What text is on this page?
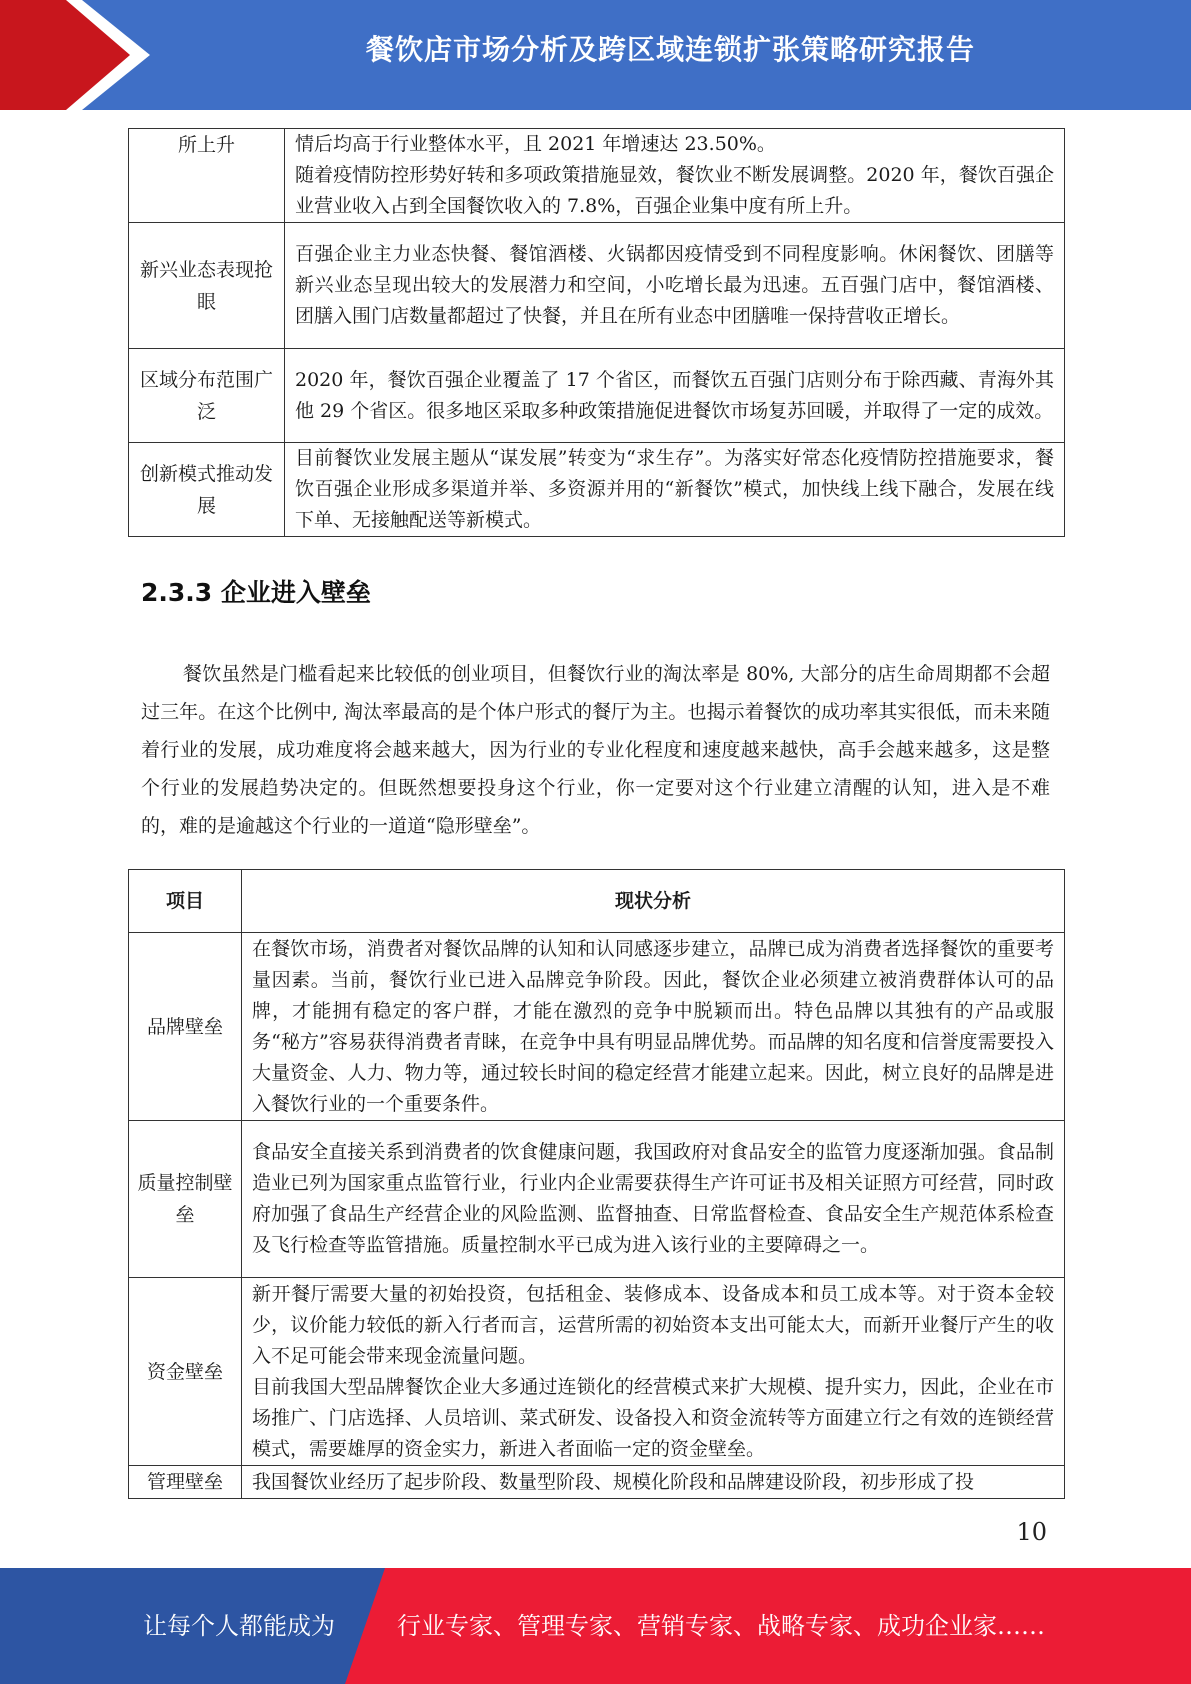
餐饮店市场分析及跨区域连锁扩张策略研究报告
所上升	情后均高于行业整体水平，且 2021 年增速达 23.50%。

随着疫情防控形势好转和多项政策措施显效，餐饮业不断发展调整。2020 年，餐饮百强企业营业收入占到全国餐饮收入的 7.8%，百强企业集中度有所上升。

新兴业态表现抢眼	百强企业主力业态快餐、餐馆酒楼、火锅都因疫情受到不同程度影响。休闲餐饮、团膳等新兴业态呈现出较大的发展潜力和空间，小吃增长最为迅速。五百强门店中，餐馆酒楼、团膳入围门店数量都超过了快餐，并且在所有业态中团膳唯一保持营收正增长。

区域分布范围广泛	2020 年，餐饮百强企业覆盖了 17 个省区，而餐饮五百强门店则分布于除西藏、青海外其他 29 个省区。很多地区采取多种政策措施促进餐饮市场复苏回暖，并取得了一定的成效。

创新模式推动发展	目前餐饮业发展主题从“谋发展”转变为“求生存”。为落实好常态化疫情防控措施要求，餐饮百强企业形成多渠道并举、多资源并用的“新餐饮”模式，加快线上线下融合，发展在线下单、无接触配送等新模式。

2.3.3 企业进入壁垒

餐饮虽然是门槛看起来比较低的创业项目，但餐饮行业的淘汰率是 80%, 大部分的店生命周期都不会超过三年。在这个比例中, 淘汰率最高的是个体户形式的餐厅为主。也揭示着餐饮的成功率其实很低，而未来随着行业的发展，成功难度将会越来越大，因为行业的专业化程度和速度越来越快，高手会越来越多，这是整个行业的发展趋势决定的。但既然想要投身这个行业，你一定要对这个行业建立清醒的认知，进入是不难的，难的是逾越这个行业的一道道“隐形壁垒”。

项目	现状分析
品牌壁垒	在餐饮市场，消费者对餐饮品牌的认知和认同感逐步建立，品牌已成为消费者选择餐饮的重要考量因素。当前，餐饮行业已进入品牌竞争阶段。因此，餐饮企业必须建立被消费群体认可的品牌，才能拥有稳定的客户群，才能在激烈的竞争中脱颖而出。特色品牌以其独有的产品或服务“秘方”容易获得消费者青睐，在竞争中具有明显品牌优势。而品牌的知名度和信誉度需要投入大量资金、人力、物力等，通过较长时间的稳定经营才能建立起来。因此，树立良好的品牌是进入餐饮行业的一个重要条件。

质量控制壁垒	食品安全直接关系到消费者的饮食健康问题，我国政府对食品安全的监管力度逐渐加强。食品制造业已列为国家重点监管行业，行业内企业需要获得生产许可证书及相关证照方可经营，同时政府加强了食品生产经营企业的风险监测、监督抽查、日常监督检查、食品安全生产规范体系检查及飞行检查等监管措施。质量控制水平已成为进入该行业的主要障碍之一。

资金壁垒	新开餐厅需要大量的初始投资，包括租金、装修成本、设备成本和员工成本等。对于资本金较少，议价能力较低的新入行者而言，运营所需的初始资本支出可能太大，而新开业餐厅产生的收入不足可能会带来现金流量问题。

目前我国大型品牌餐饮企业大多通过连锁化的经营模式来扩大规模、提升实力，因此，企业在市场推广、门店选择、人员培训、菜式研发、设备投入和资金流转等方面建立行之有效的连锁经营模式，需要雄厚的资金实力，新进入者面临一定的资金壁垒。

管理壁垒	我国餐饮业经历了起步阶段、数量型阶段、规模化阶段和品牌建设阶段，初步形成了投

10
让每个人都能成为	行业专家、管理专家、营销专家、战略专家、成功企业家……
